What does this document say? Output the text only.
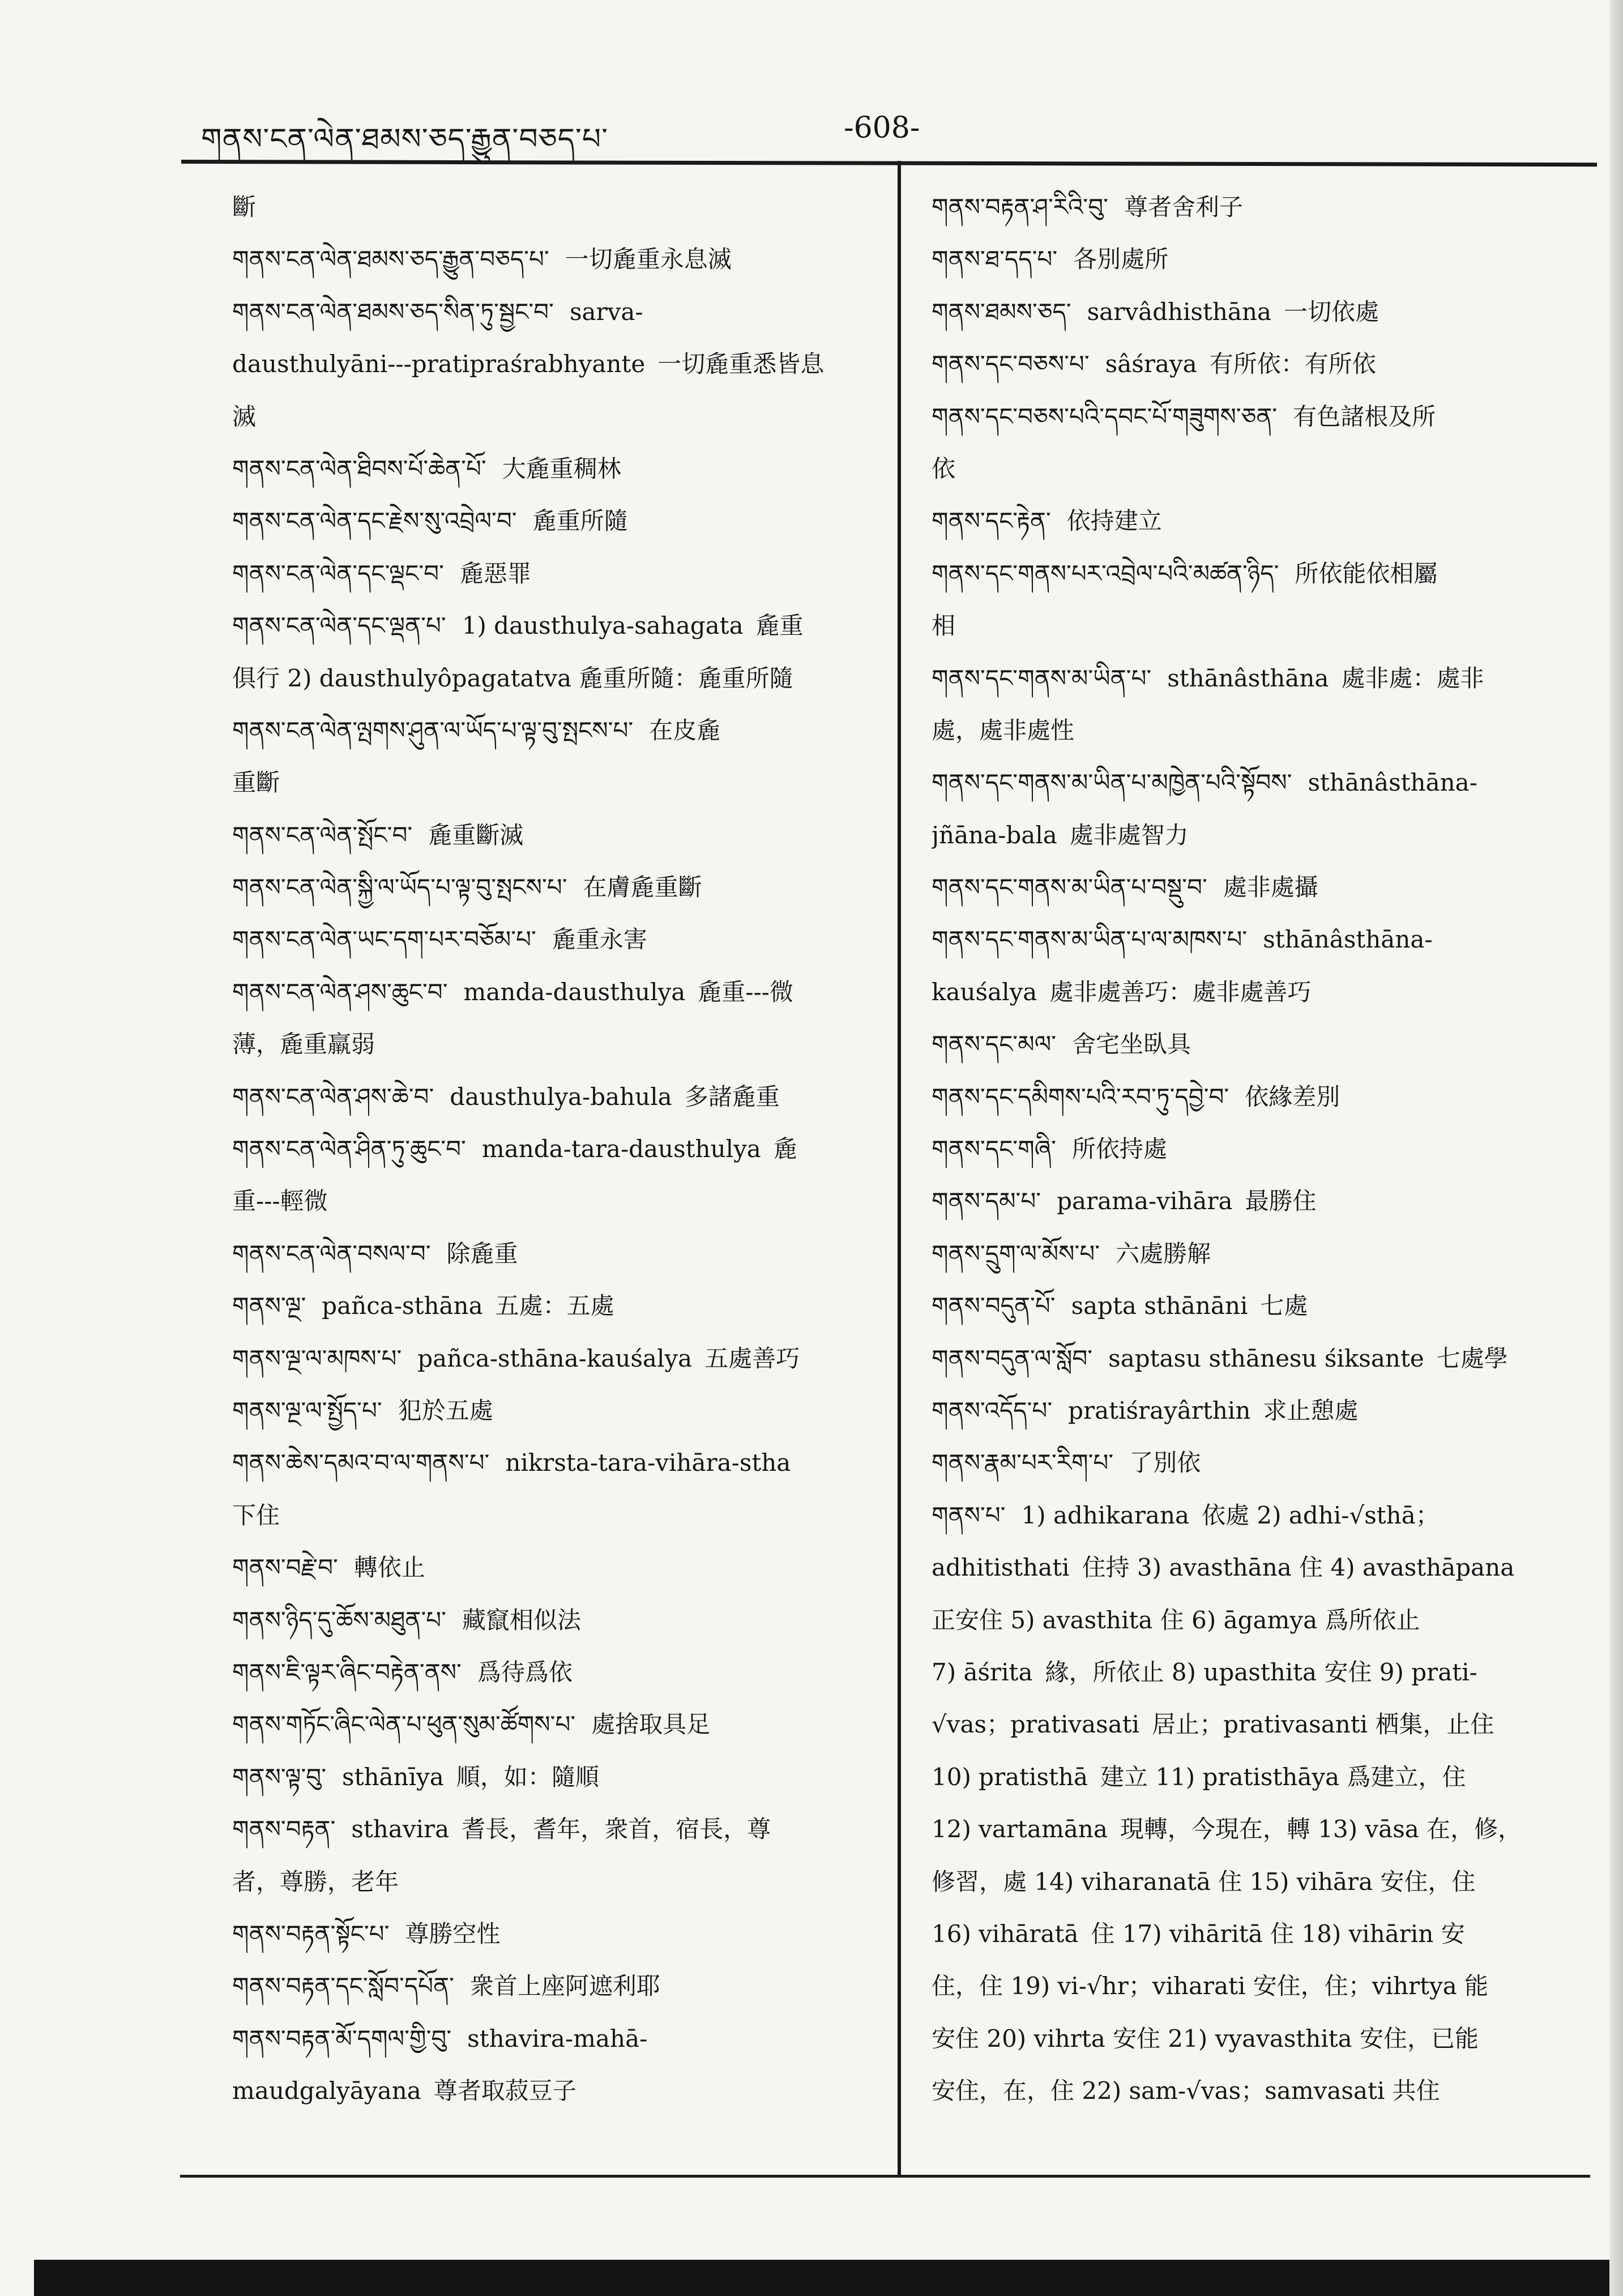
གནས་ངན་ལེན་ཐམས་ཅད་རྒྱུན་བཅད་པ་	-608-
斷
གནས་ངན་ལེན་ཐམས་ཅད་རྒྱུན་བཅད་པ་ 一切麁重永息滅
གནས་ངན་ལེན་ཐམས་ཅད་སིན་ཏུ་སྦྱང་བ་ sarva-
dausthulyāni---pratipraśrabhyante 一切麁重悉皆息
滅
གནས་ངན་ལེན་ཐིབས་པོ་ཆེན་པོ་ 大麁重稠林
གནས་ངན་ལེན་དང་རྗེས་སུ་འབྲེལ་བ་ 麁重所隨
གནས་ངན་ལེན་དང་ལྡང་བ་ 麁惡罪
གནས་ངན་ལེན་དང་ལྡན་པ་ 1) dausthulya-sahagata 麁重
俱行 2) dausthulyôpagatatva 麁重所隨：麁重所隨
གནས་ངན་ལེན་ལྤགས་ཤུན་ལ་ཡོད་པ་ལྟ་བུ་སྤངས་པ་ 在皮麁
重斷
གནས་ངན་ལེན་སྤོང་བ་ 麁重斷滅
གནས་ངན་ལེན་སྐྱི་ལ་ཡོད་པ་ལྟ་བུ་སྤངས་པ་ 在膚麁重斷
གནས་ངན་ལེན་ཡང་དག་པར་བཅོམ་པ་ 麁重永害
གནས་ངན་ལེན་ཤས་ཆུང་བ་ manda-dausthulya 麁重---微
薄，麁重羸弱
གནས་ངན་ལེན་ཤས་ཆེ་བ་ dausthulya-bahula 多諸麁重
གནས་ངན་ལེན་ཤིན་ཏུ་ཆུང་བ་ manda-tara-dausthulya 麁
重---輕微
གནས་ངན་ལེན་བསལ་བ་ 除麁重
གནས་ལྔ་ pañca-sthāna 五處：五處
གནས་ལྔ་ལ་མཁས་པ་ pañca-sthāna-kauśalya 五處善巧
གནས་ལྔ་ལ་སྤྱོད་པ་ 犯於五處
གནས་ཆེས་དམའ་བ་ལ་གནས་པ་ nikrsta-tara-vihāra-stha
下住
གནས་བརྗེ་བ་ 轉依止
གནས་ཉིད་དུ་ཆོས་མཐུན་པ་ 藏竄相似法
གནས་ཇི་ལྟར་ཞིང་བརྟེན་ནས་ 爲待爲依
གནས་གཏོང་ཞིང་ལེན་པ་ཕུན་སུམ་ཚོགས་པ་ 處捨取具足
གནས་ལྟ་བུ་ sthānīya 順，如：隨順
གནས་བརྟན་ sthavira 耆長，耆年，衆首，宿長，尊
者，尊勝，老年
གནས་བརྟན་སྟོང་པ་ 尊勝空性
གནས་བརྟན་དང་སློབ་དཔོན་ 衆首上座阿遮利耶
གནས་བརྟན་མོ་དགལ་གྱི་བུ་ sthavira-mahā-
maudgalyāyana 尊者取菽豆子
གནས་བརྟན་ཤ་རིའི་བུ་ 尊者舍利子
གནས་ཐ་དད་པ་ 各別處所
གནས་ཐམས་ཅད་ sarvâdhisthāna 一切依處
གནས་དང་བཅས་པ་ sâśraya 有所依：有所依
གནས་དང་བཅས་པའི་དབང་པོ་གཟུགས་ཅན་ 有色諸根及所
依
གནས་དང་རྟེན་ 依持建立
གནས་དང་གནས་པར་འབྲེལ་པའི་མཚན་ཉིད་ 所依能依相屬
相
གནས་དང་གནས་མ་ཡིན་པ་ sthānâsthāna 處非處：處非
處，處非處性
གནས་དང་གནས་མ་ཡིན་པ་མཁྱེན་པའི་སྟོབས་ sthānâsthāna-
jñāna-bala 處非處智力
གནས་དང་གནས་མ་ཡིན་པ་བསྡུ་བ་ 處非處攝
གནས་དང་གནས་མ་ཡིན་པ་ལ་མཁས་པ་ sthānâsthāna-
kauśalya 處非處善巧：處非處善巧
གནས་དང་མལ་ 舍宅坐臥具
གནས་དང་དམིགས་པའི་རབ་ཏུ་དབྱེ་བ་ 依緣差別
གནས་དང་གཞི་ 所依持處
གནས་དམ་པ་ parama-vihāra 最勝住
གནས་དྲུག་ལ་མོས་པ་ 六處勝解
གནས་བདུན་པོ་ sapta sthānāni 七處
གནས་བདུན་ལ་སློབ་ saptasu sthānesu śiksante 七處學
གནས་འདོད་པ་ pratiśrayârthin 求止憩處
གནས་རྣམ་པར་རིག་པ་ 了別依
གནས་པ་ 1) adhikarana 依處 2) adhi-√sthā；
adhitisthati 住持 3) avasthāna 住 4) avasthāpana
正安住 5) avasthita 住 6) āgamya 爲所依止
7) āśrita 緣，所依止 8) upasthita 安住 9) prati-
√vas；prativasati 居止；prativasanti 栖集，止住
10) pratisthā 建立 11) pratisthāya 爲建立，住
12) vartamāna 現轉，今現在，轉 13) vāsa 在，修，
修習，處 14) viharanatā 住 15) vihāra 安住，住
16) vihāratā 住 17) vihāritā 住 18) vihārin 安
住，住 19) vi-√hr；viharati 安住，住；vihrtya 能
安住 20) vihrta 安住 21) vyavasthita 安住，已能
安住，在，住 22) sam-√vas；samvasati 共住
